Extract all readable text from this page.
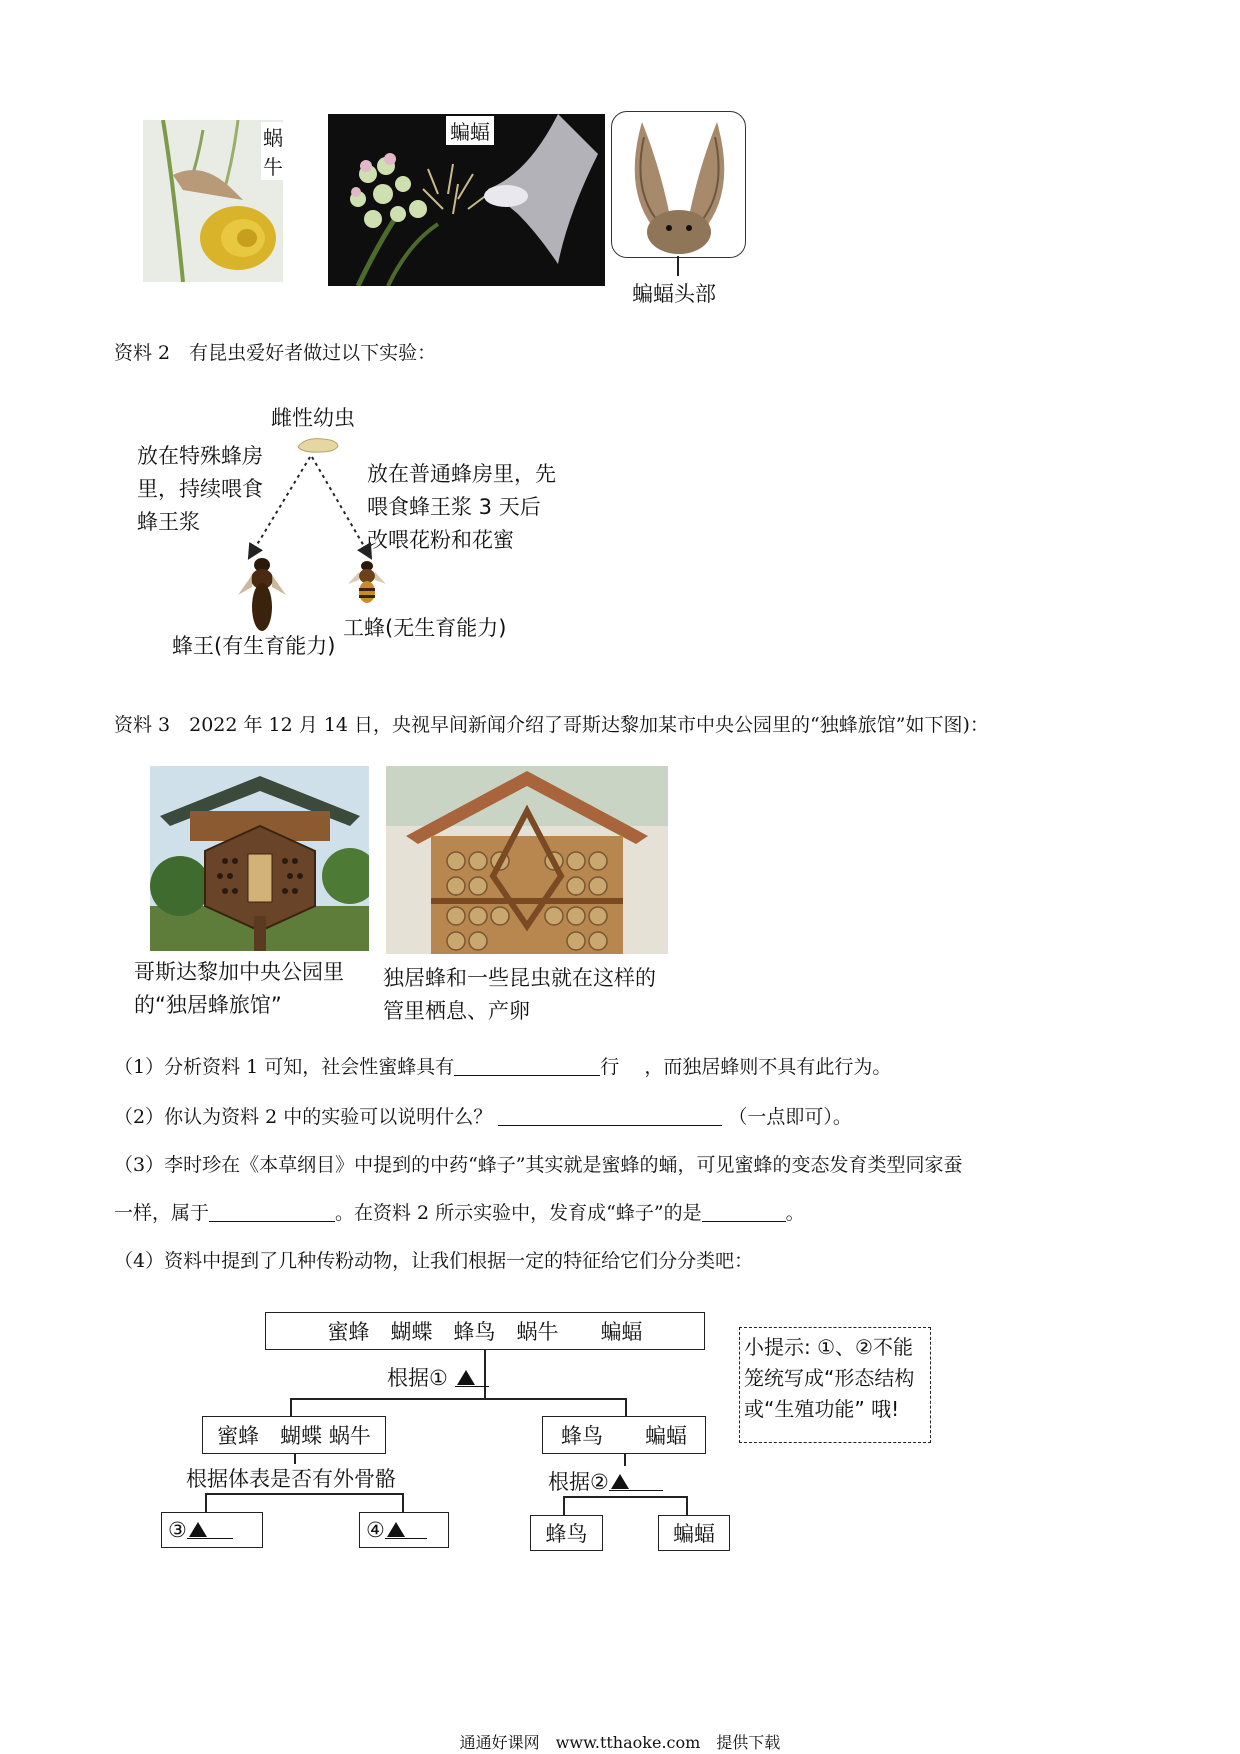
蜗牛
蝙蝠
蝙蝠头部
资料 2　有昆虫爱好者做过以下实验：
雌性幼虫
放在特殊蜂房
里，持续喂食
蜂王浆
放在普通蜂房里，先
喂食蜂王浆 3 天后
改喂花粉和花蜜
蜂王(有生育能力)
工蜂(无生育能力)
资料 3　2022 年 12 月 14 日，央视早间新闻介绍了哥斯达黎加某市中央公园里的“独蜂旅馆”如下图)：
哥斯达黎加中央公园里
的“独居蜂旅馆”
独居蜂和一些昆虫就在这样的
管里栖息、产卵
（1）分析资料 1 可知，社会性蜜蜂具有	行　 ，而独居蜂则不具有此行为。
（2）你认为资料 2 中的实验可以说明什么？	（一点即可）。
（3）李时珍在《本草纲目》中提到的中药“蜂子”其实就是蜜蜂的蛹，可见蜜蜂的变态发育类型同家蚕
一样，属于	。在资料 2 所示实验中，发育成“蜂子”的是	。
（4）资料中提到了几种传粉动物，让我们根据一定的特征给它们分分类吧：
蜜蜂　蝴蝶　蜂鸟　蜗牛　　蝙蝠
根据①
蜜蜂　蝴蝶 蜗牛	蜂鸟　　蝙蝠
根据体表是否有外骨骼	根据②
③	④	蜂鸟	蝙蝠
小提示: ①、②不能
笼统写成“形态结构
或“生殖功能” 哦!
通通好课网　www.tthaoke.com　提供下载
